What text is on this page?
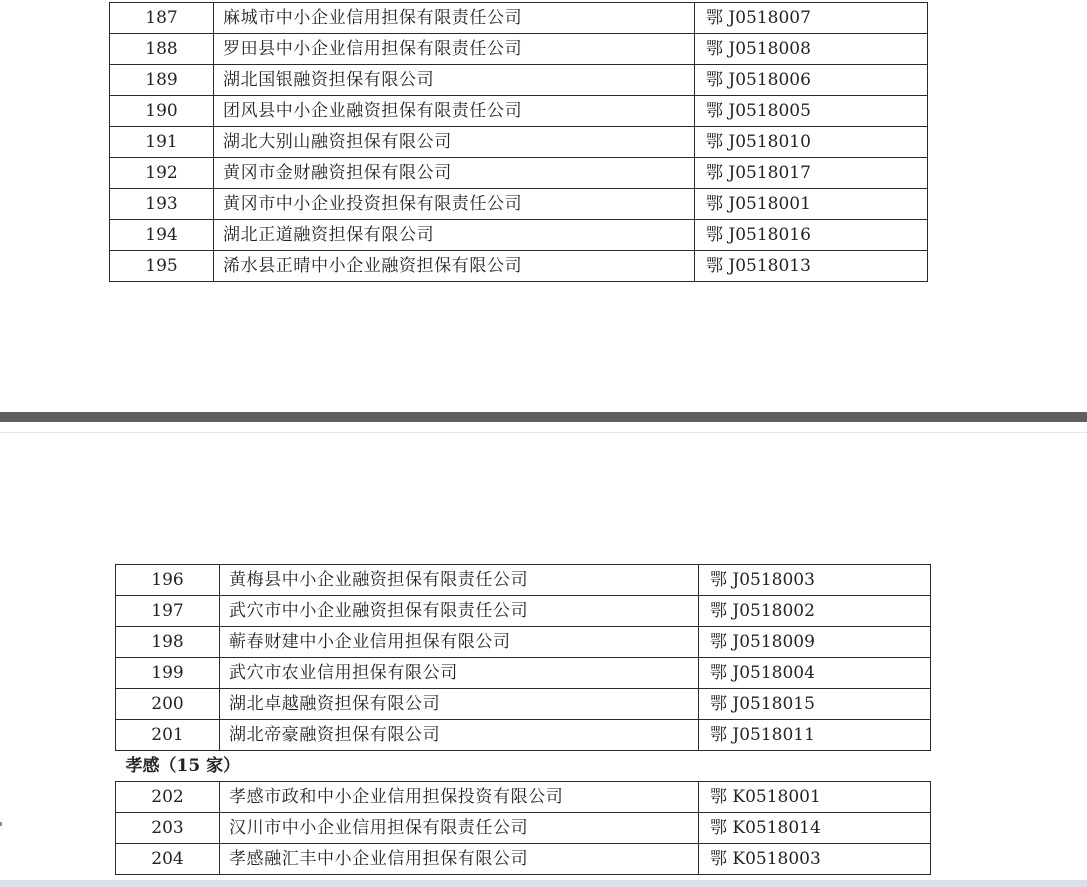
187	麻城市中小企业信用担保有限责任公司	鄂 J0518007
188	罗田县中小企业信用担保有限责任公司	鄂 J0518008
189	湖北国银融资担保有限公司	鄂 J0518006
190	团风县中小企业融资担保有限责任公司	鄂 J0518005
191	湖北大别山融资担保有限公司	鄂 J0518010
192	黄冈市金财融资担保有限公司	鄂 J0518017
193	黄冈市中小企业投资担保有限责任公司	鄂 J0518001
194	湖北正道融资担保有限公司	鄂 J0518016
195	浠水县正晴中小企业融资担保有限公司	鄂 J0518013
196	黄梅县中小企业融资担保有限责任公司	鄂 J0518003
197	武穴市中小企业融资担保有限责任公司	鄂 J0518002
198	蕲春财建中小企业信用担保有限公司	鄂 J0518009
199	武穴市农业信用担保有限公司	鄂 J0518004
200	湖北卓越融资担保有限公司	鄂 J0518015
201	湖北帝豪融资担保有限公司	鄂 J0518011
孝感（15 家）		
202	孝感市政和中小企业信用担保投资有限公司	鄂 K0518001
203	汉川市中小企业信用担保有限责任公司	鄂 K0518014
204	孝感融汇丰中小企业信用担保有限公司	鄂 K0518003
